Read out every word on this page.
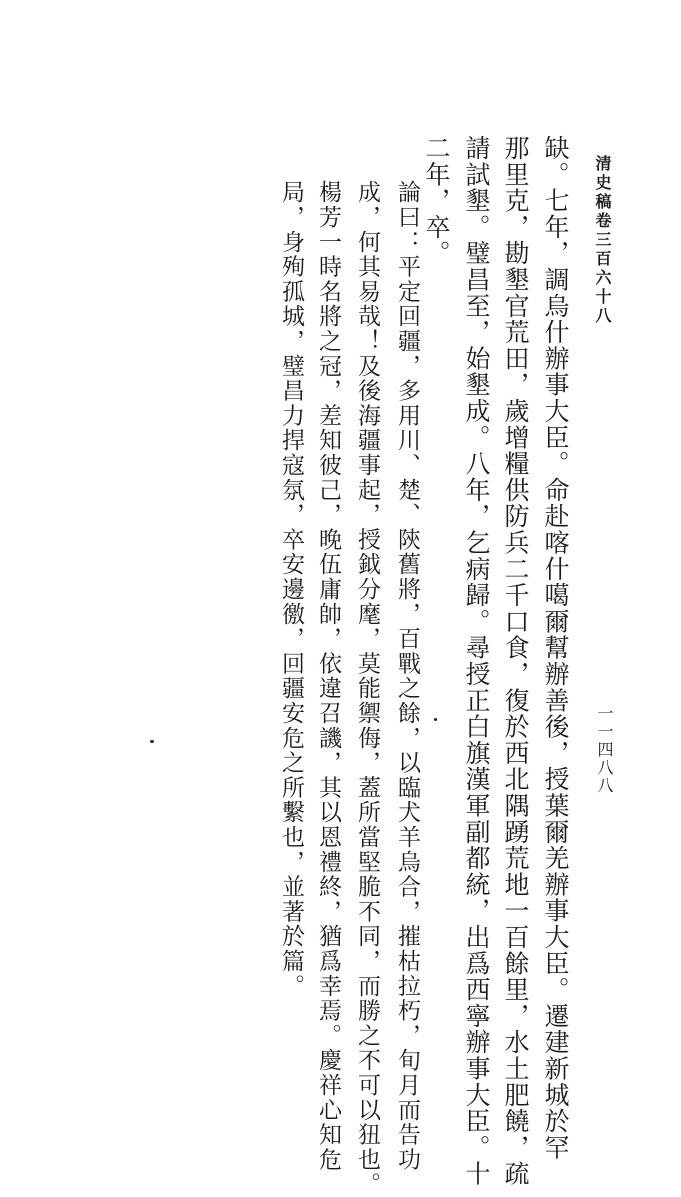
清史稿卷三百六十八
一一四八八
缺。七年，調烏什辦事大臣。命赴喀什噶爾幫辦善後，授葉爾羌辦事大臣。遷建新城於罕
那里克，勘墾官荒田，歲增糧供防兵二千口食，復於西北隅踴荒地一百餘里，水土肥饒，疏
請試墾。璧昌至，始墾成。八年，乞病歸。尋授正白旗漢軍副都統，出爲西寧辦事大臣。十
二年，卒。
論曰：平定回疆，多用川、楚、陝舊將，百戰之餘，以臨犬羊烏合，摧枯拉朽，旬月而告功
成，何其易哉！及後海疆事起，授鉞分麾，莫能禦侮，蓋所當堅脆不同，而勝之不可以狃也。
楊芳一時名將之冠，差知彼己，晚伍庸帥，依違召譏，其以恩禮終，猶爲幸焉。慶祥心知危
局，身殉孤城，璧昌力捍寇氛，卒安邊徼，回疆安危之所繫也，並著於篇。
